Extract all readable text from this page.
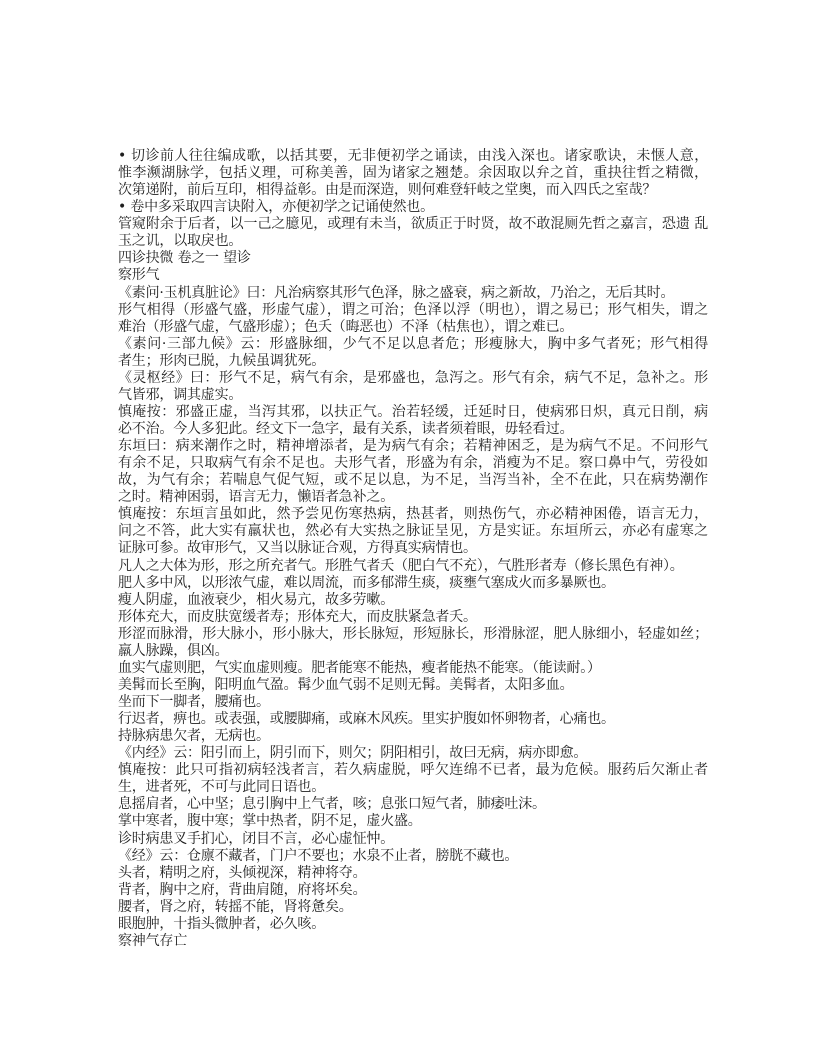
• 切诊前人往往编成歌，以括其要，无非便初学之诵读，由浅入深也。诸家歌诀，未惬人意，
惟李濒湖脉学，包括义理，可称美善，固为诸家之翘楚。余因取以弁之首，重抉往哲之精微，
次第递附，前后互印，相得益彰。由是而深造，则何难登轩岐之堂奥，而入四氏之室哉？
• 卷中多采取四言诀附入，亦便初学之记诵使然也。
管窥附余于后者，以一己之臆见，或理有未当，欲质正于时贤，故不敢混厕先哲之嘉言，恐遗 乱
玉之讥，以取戾也。
四诊抉微 卷之一 望诊
察形气
《素问·玉机真脏论》曰：凡治病察其形气色泽，脉之盛衰，病之新故，乃治之，无后其时。
形气相得（形盛气盛，形虚气虚），谓之可治；色泽以浮（明也），谓之易已；形气相失，谓之
难治（形盛气虚，气盛形虚）；色夭（晦恶也）不泽（枯焦也），谓之难已。
《素问·三部九候》云：形盛脉细，少气不足以息者危；形瘦脉大，胸中多气者死；形气相得
者生；形肉已脱，九候虽调犹死。
《灵枢经》曰：形气不足，病气有余，是邪盛也，急泻之。形气有余，病气不足，急补之。形
气皆邪，调其虚实。
慎庵按：邪盛正虚，当泻其邪，以扶正气。治若轻缓，迁延时日，使病邪日炽，真元日削，病
必不治。今人多犯此。经文下一急字，最有关系，读者须着眼，毋轻看过。
东垣曰：病来潮作之时，精神增添者，是为病气有余；若精神困乏，是为病气不足。不问形气
有余不足，只取病气有余不足也。夫形气者，形盛为有余，消瘦为不足。察口鼻中气，劳役如
故，为气有余；若喘息气促气短，或不足以息，为不足，当泻当补，全不在此，只在病势潮作
之时。精神困弱，语言无力，懒语者急补之。
慎庵按：东垣言虽如此，然予尝见伤寒热病，热甚者，则热伤气，亦必精神困倦，语言无力，
问之不答，此大实有羸状也，然必有大实热之脉证呈见，方是实证。东垣所云，亦必有虚寒之
证脉可参。故审形气，又当以脉证合观，方得真实病情也。
凡人之大体为形，形之所充者气。形胜气者夭（肥白气不充），气胜形者寿（修长黑色有神）。
肥人多中风，以形浓气虚，难以周流，而多郁滞生痰，痰壅气塞成火而多暴厥也。
瘦人阴虚，血液衰少，相火易亢，故多劳嗽。
形体充大，而皮肤宽缓者寿；形体充大，而皮肤紧急者夭。
形涩而脉滑，形大脉小，形小脉大，形长脉短，形短脉长，形滑脉涩，肥人脉细小，轻虚如丝；
羸人脉躁，俱凶。
血实气虚则肥，气实血虚则瘦。肥者能寒不能热，瘦者能热不能寒。（能读耐。）
美髯而长至胸，阳明血气盈。髯少血气弱不足则无髯。美髯者，太阳多血。
坐而下一脚者，腰痛也。
行迟者，痹也。或表强，或腰脚痛，或麻木风疾。里实护腹如怀卵物者，心痛也。
持脉病患欠者，无病也。
《内经》云：阳引而上，阴引而下，则欠；阴阳相引，故曰无病，病亦即愈。
慎庵按：此只可指初病轻浅者言，若久病虚脱，呼欠连绵不已者，最为危候。服药后欠渐止者
生，进者死，不可与此同日语也。
息摇肩者，心中坚；息引胸中上气者，咳；息张口短气者，肺痿吐沫。
掌中寒者，腹中寒；掌中热者，阴不足，虚火盛。
诊时病患叉手扪心，闭目不言，必心虚怔忡。
《经》云：仓廪不藏者，门户不要也；水泉不止者，膀胱不藏也。
头者，精明之府，头倾视深，精神将夺。
背者，胸中之府，背曲肩随，府将坏矣。
腰者，肾之府，转摇不能，肾将惫矣。
眼胞肿，十指头微肿者，必久咳。
察神气存亡
